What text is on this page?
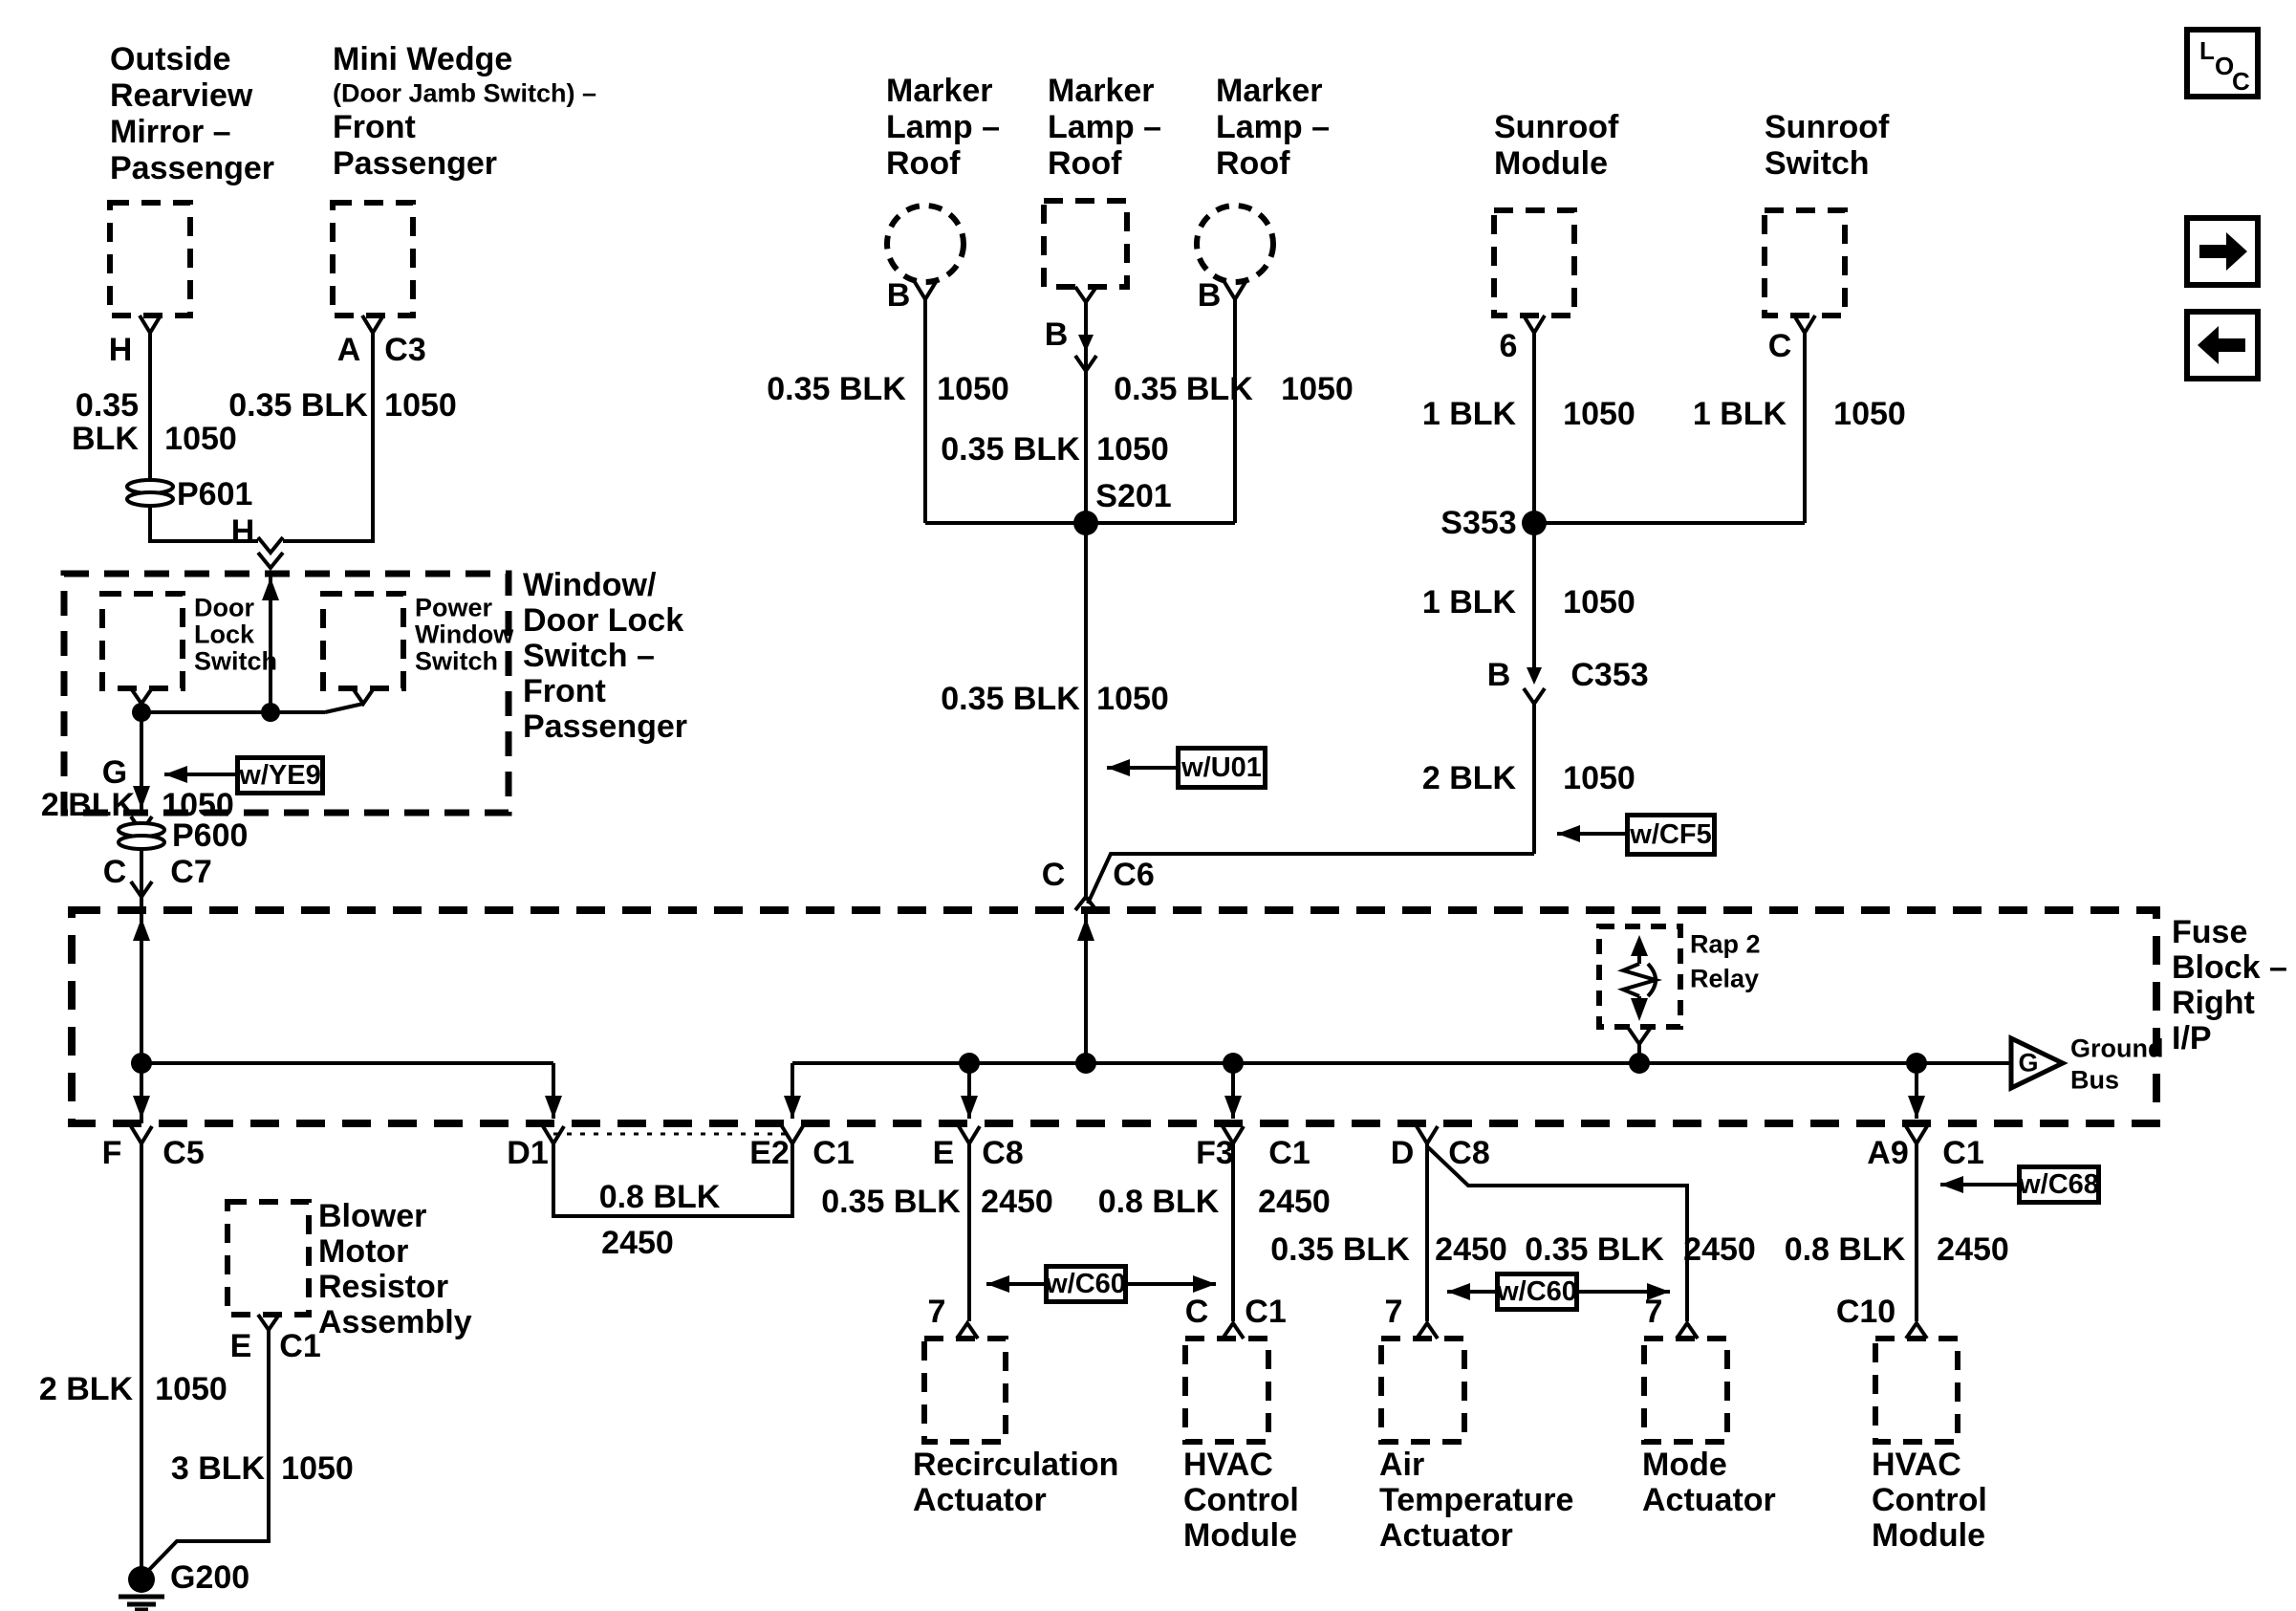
Outside
Rearview
Mirror –
Passenger
Mini Wedge
(Door Jamb Switch) –
Front
Passenger
Marker
Lamp –
Roof
Marker
Lamp –
Roof
Marker
Lamp –
Roof
Sunroof
Module
Sunroof
Switch
H	A C3
B	B
B	6	C
H
0.35
BLK 1050
0.35 BLK 1050	0.35 BLK 1050	0.35 BLK 1050
0.35 BLK 1050
1 BLK 1050 1 BLK 1050
P601	S201
S353
Window/
Door Lock
Switch –
Front
Passenger
Door
Lock
Switch
Power
Window
Switch
G
2 BLK 1050
P600
C C7
1 BLK 1050
B C353
2 BLK 1050
0.35 BLK 1050
C C6
Fuse
Block –
Right
I/P
Rap 2
Relay
G Ground
Bus
F C5	D1	E2 C1 E C8	F3 C1 D C8	A9 C1
0.8 BLK
2450
0.35 BLK 2450 0.8 BLK 2450
0.35 BLK 2450 0.35 BLK 2450 0.8 BLK 2450
2 BLK 1050
3 BLK 1050
Blower
Motor
Resistor
Assembly
E C1
G200
7	C C1	7	7	C10
Recirculation
Actuator
HVAC
Control
Module
Air
Temperature
Actuator
Mode
Actuator
HVAC
Control
Module
w/YE9	w/U01
w/CF5
w/C60	w/C60
w/C68
L
O
C
